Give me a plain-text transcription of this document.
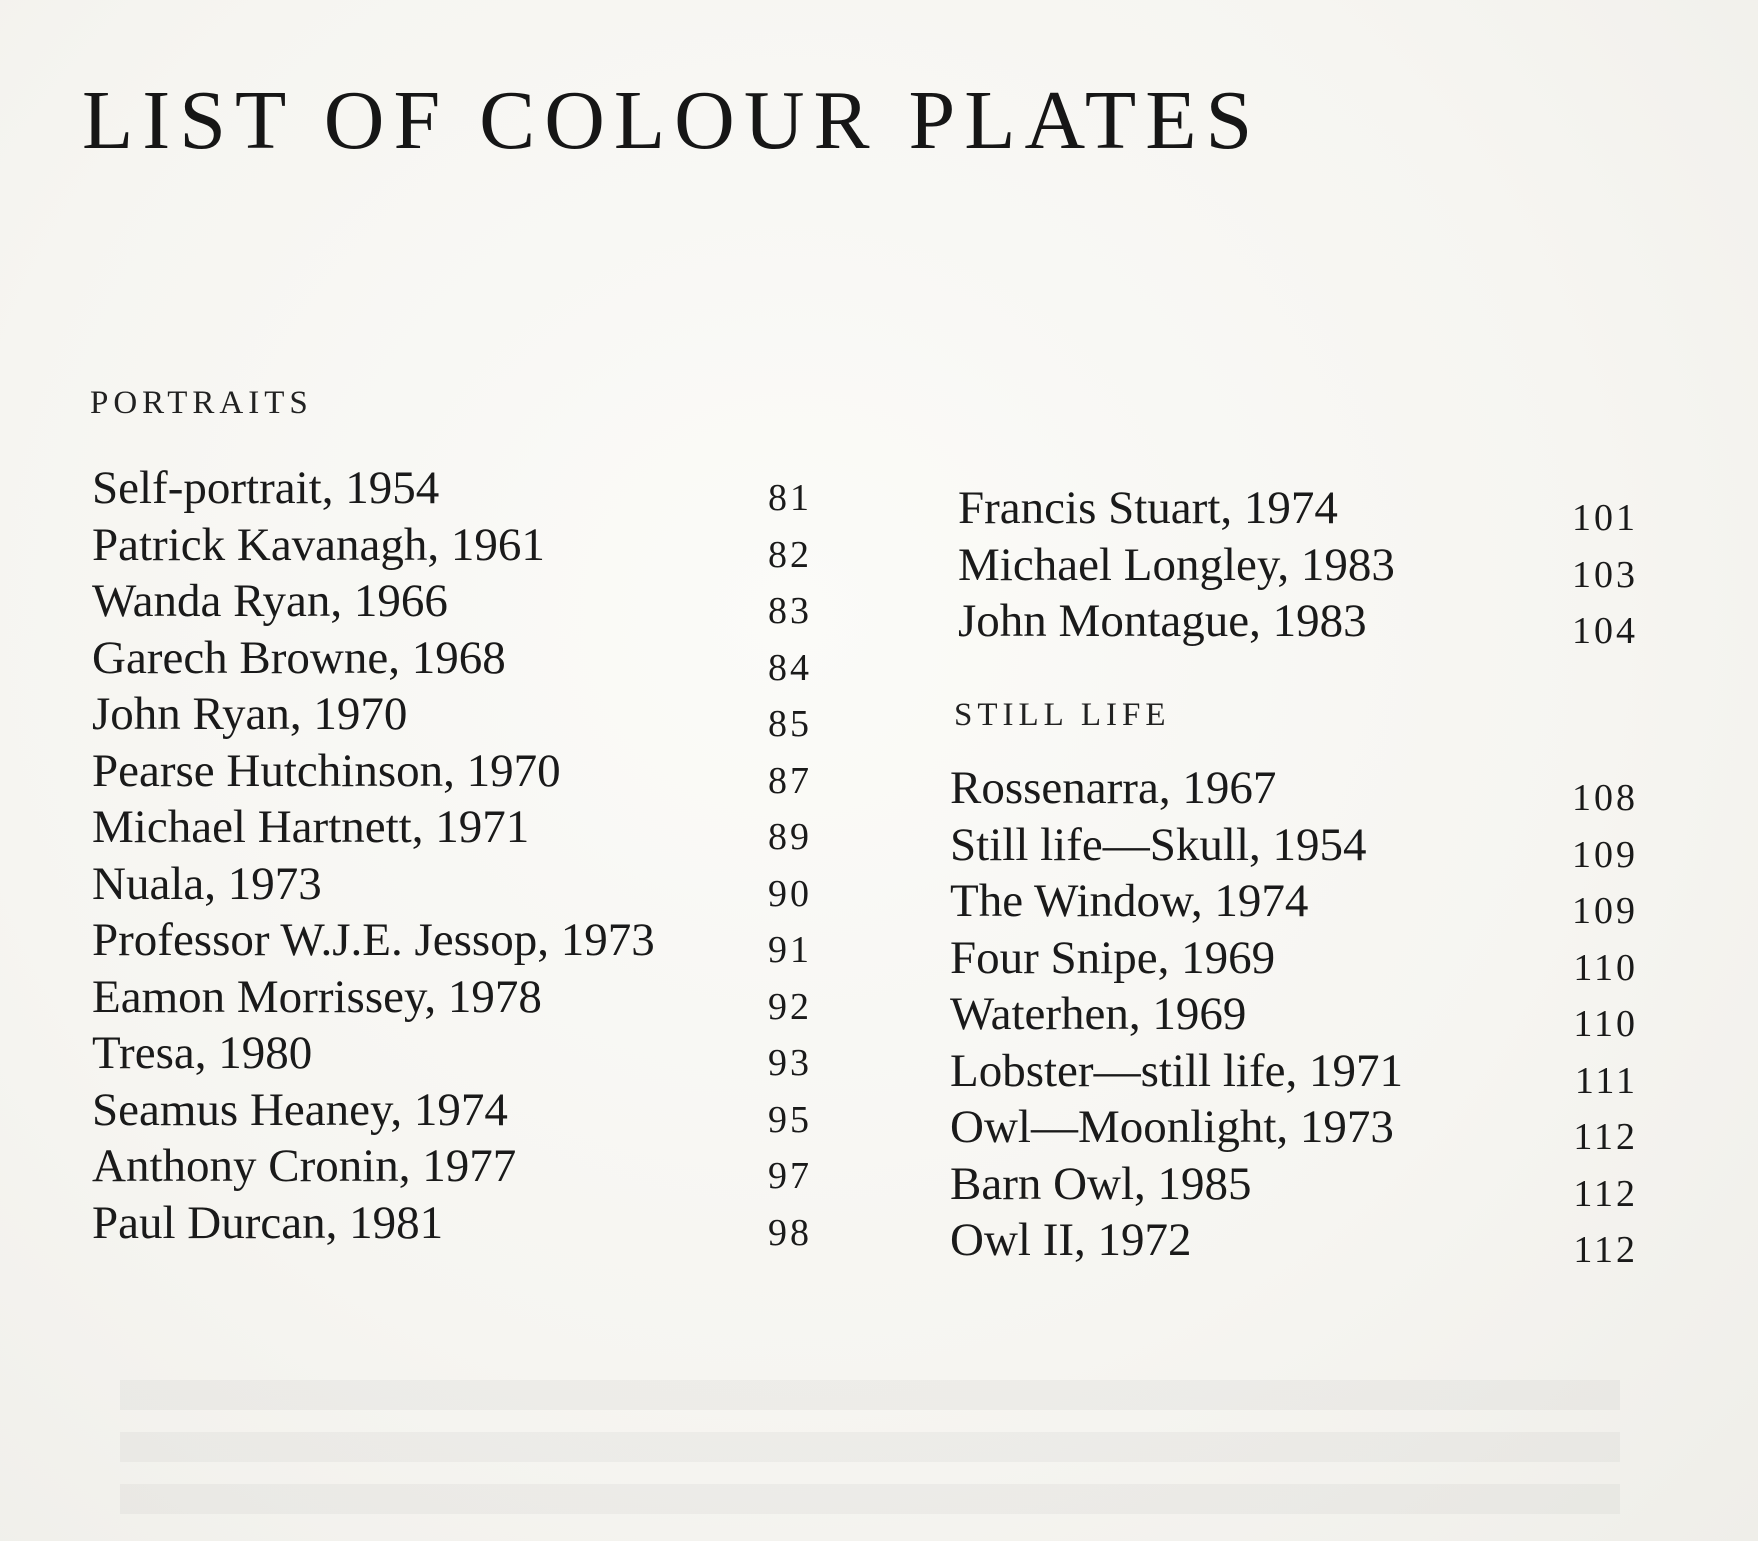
LIST OF COLOUR PLATES
PORTRAITS
Self-portrait, 1954	81
Patrick Kavanagh, 1961	82
Wanda Ryan, 1966	83
Garech Browne, 1968	84
John Ryan, 1970	85
Pearse Hutchinson, 1970	87
Michael Hartnett, 1971	89
Nuala, 1973	90
Professor W.J.E. Jessop, 1973	91
Eamon Morrissey, 1978	92
Tresa, 1980	93
Seamus Heaney, 1974	95
Anthony Cronin, 1977	97
Paul Durcan, 1981	98
Francis Stuart, 1974	101
Michael Longley, 1983	103
John Montague, 1983	104
STILL LIFE
Rossenarra, 1967	108
Still life—Skull, 1954	109
The Window, 1974	109
Four Snipe, 1969	110
Waterhen, 1969	110
Lobster—still life, 1971	111
Owl—Moonlight, 1973	112
Barn Owl, 1985	112
Owl II, 1972	112
